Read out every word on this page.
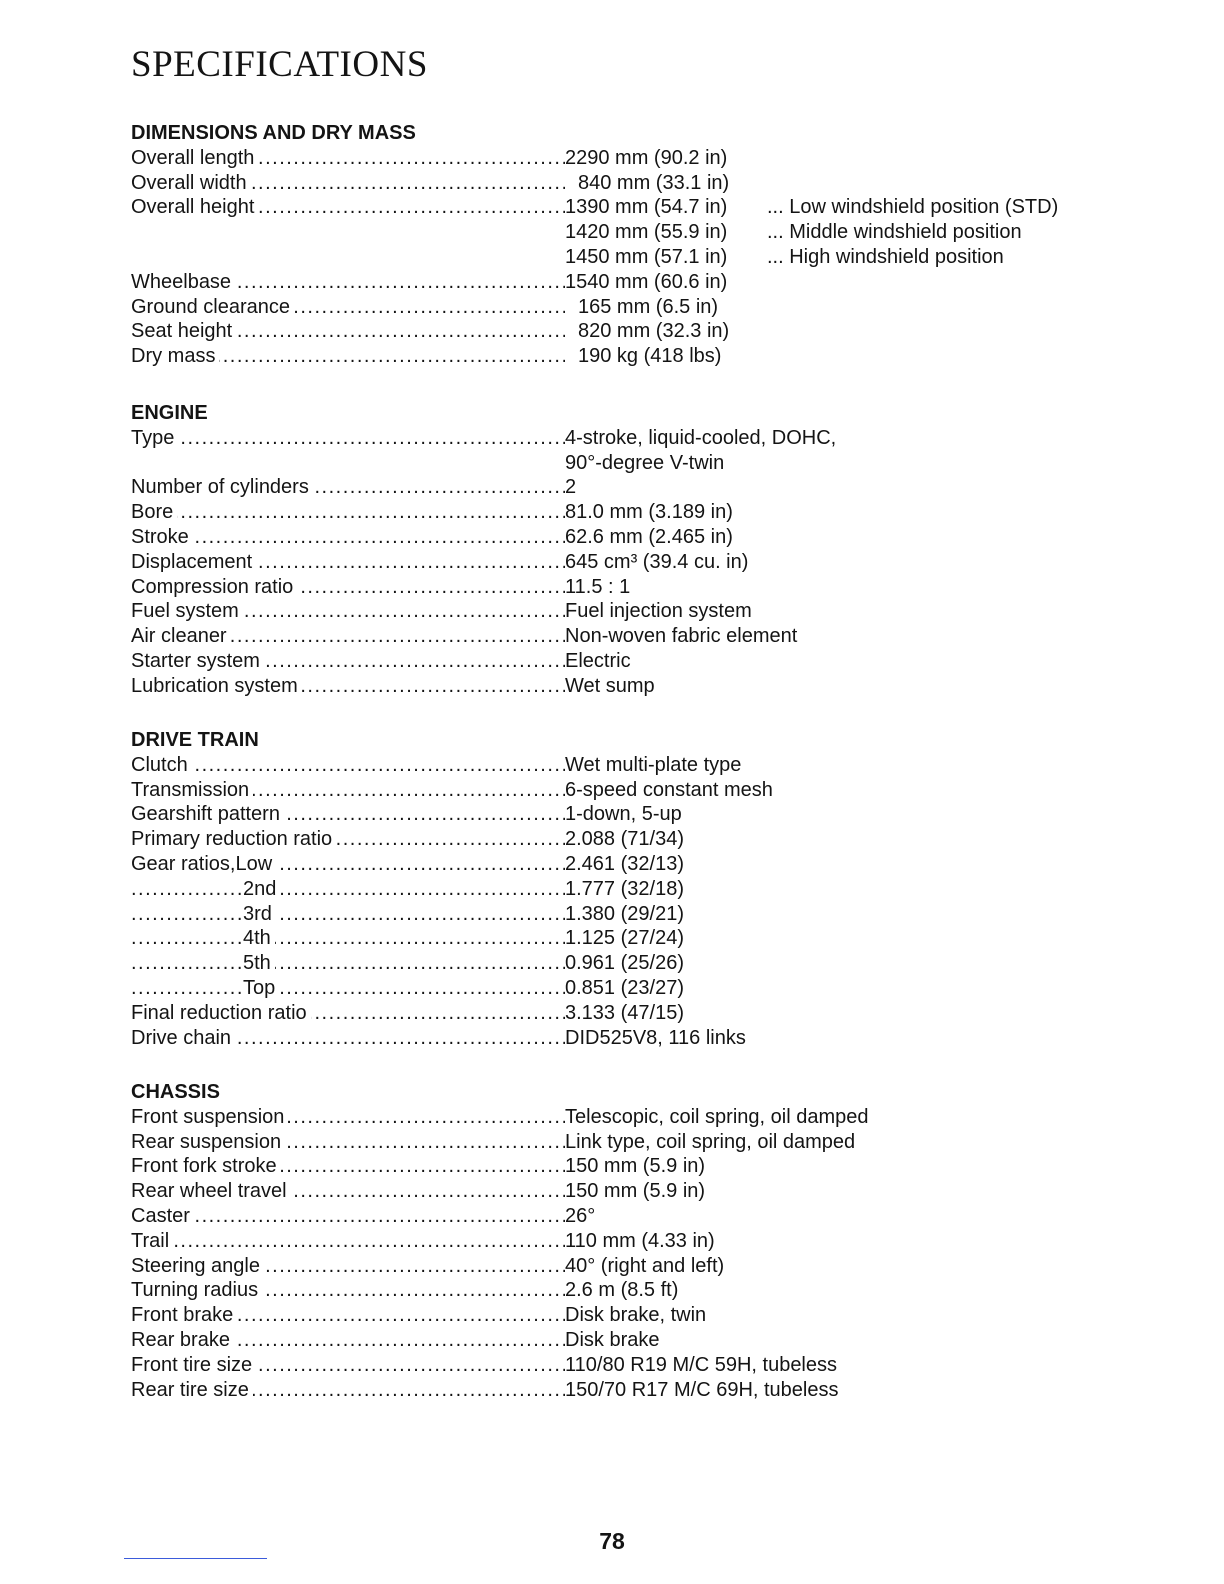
SPECIFICATIONS
DIMENSIONS AND DRY MASS
Overall length .....	2290 mm (90.2 in)
Overall width .....	840 mm (33.1 in)
Overall height .....	1390 mm (54.7 in) ... Low windshield position (STD)
1420 mm (55.9 in) ... Middle windshield position
1450 mm (57.1 in) ... High windshield position
Wheelbase .....	1540 mm (60.6 in)
Ground clearance .....	165 mm (6.5 in)
Seat height .....	820 mm (32.3 in)
Dry mass .....	190 kg (418 lbs)
ENGINE
Type .....	4-stroke, liquid-cooled, DOHC,
90°-degree V-twin
Number of cylinders .....	2
Bore .....	81.0 mm (3.189 in)
Stroke .....	62.6 mm (2.465 in)
Displacement .....	645 cm³ (39.4 cu. in)
Compression ratio .....	11.5 : 1
Fuel system .....	Fuel injection system
Air cleaner .....	Non-woven fabric element
Starter system .....	Electric
Lubrication system .....	Wet sump
DRIVE TRAIN
Clutch .....	Wet multi-plate type
Transmission .....	6-speed constant mesh
Gearshift pattern .....	1-down, 5-up
Primary reduction ratio .....	2.088 (71/34)
Gear ratios,Low .....	2.461 (32/13)
2nd .....	1.777 (32/18)
3rd .....	1.380 (29/21)
4th .....	1.125 (27/24)
5th .....	0.961 (25/26)
Top .....	0.851 (23/27)
Final reduction ratio .....	3.133 (47/15)
Drive chain .....	DID525V8, 116 links
CHASSIS
Front suspension .....	Telescopic, coil spring, oil damped
Rear suspension .....	Link type, coil spring, oil damped
Front fork stroke .....	150 mm (5.9 in)
Rear wheel travel .....	150 mm (5.9 in)
Caster .....	26°
Trail .....	110 mm (4.33 in)
Steering angle .....	40° (right and left)
Turning radius .....	2.6 m (8.5 ft)
Front brake .....	Disk brake, twin
Rear brake .....	Disk brake
Front tire size .....	110/80 R19 M/C 59H, tubeless
Rear tire size .....	150/70 R17 M/C 69H, tubeless
78
